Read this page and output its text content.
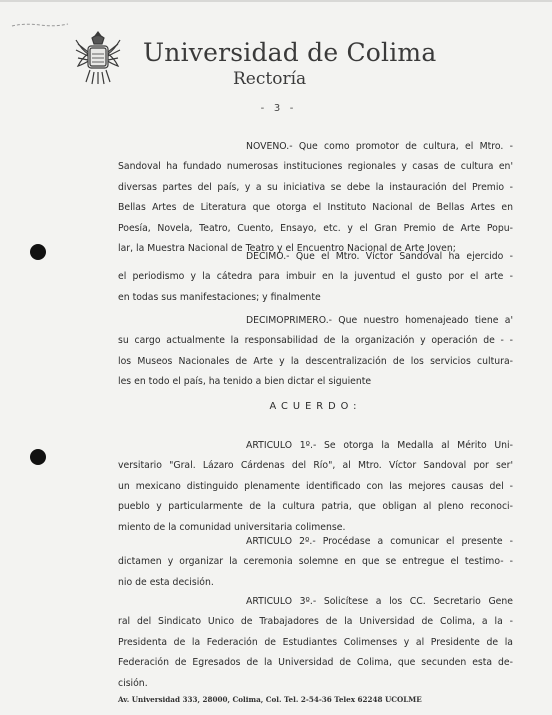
Universidad de Colima
Rectoría
-   3   -
NOVENO.- Que como promotor de cultura, el Mtro. -
Sandoval ha fundado numerosas instituciones regionales y casas de cultura en'
diversas partes del país, y a su iniciativa se debe la instauración del Premio -
Bellas Artes de Literatura que otorga el Instituto Nacional de Bellas Artes en
Poesía, Novela, Teatro, Cuento, Ensayo, etc. y el Gran Premio de Arte Popu-
lar, la Muestra Nacional de Teatro y el Encuentro Nacional de Arte Joven;
DECIMO.- Que el Mtro. Víctor Sandoval ha ejercido -
el periodismo y la cátedra para imbuir en la juventud el gusto por el arte -
en todas sus manifestaciones; y finalmente
DECIMOPRIMERO.- Que nuestro homenajeado tiene a'
su cargo actualmente la responsabilidad de la organización y operación de - -
los Museos Nacionales de Arte y la descentralización de los servicios cultura-
les en todo el país, ha tenido a bien dictar el siguiente
ACUERDO:
ARTICULO 1º.- Se otorga la Medalla al Mérito Uni-
versitario "Gral. Lázaro Cárdenas del Río", al Mtro. Víctor Sandoval por ser'
un mexicano distinguido plenamente identificado con las mejores causas del -
pueblo y particularmente de la cultura patria, que obligan al pleno reconoci-
miento de la comunidad universitaria colimense.
ARTICULO 2º.- Procédase a comunicar el presente -
dictamen y organizar la ceremonia solemne en que se entregue el testimo- -
nio de esta decisión.
ARTICULO 3º.- Solicítese a los CC. Secretario Gene
ral del Sindicato Unico de Trabajadores de la Universidad de Colima, a la -
Presidenta de la Federación de Estudiantes Colimenses y al Presidente de la
Federación de Egresados de la Universidad de Colima, que secunden esta de-
cisión.
Av. Universidad 333, 28000, Colima, Col. Tel. 2-54-36 Telex 62248 UCOLME
